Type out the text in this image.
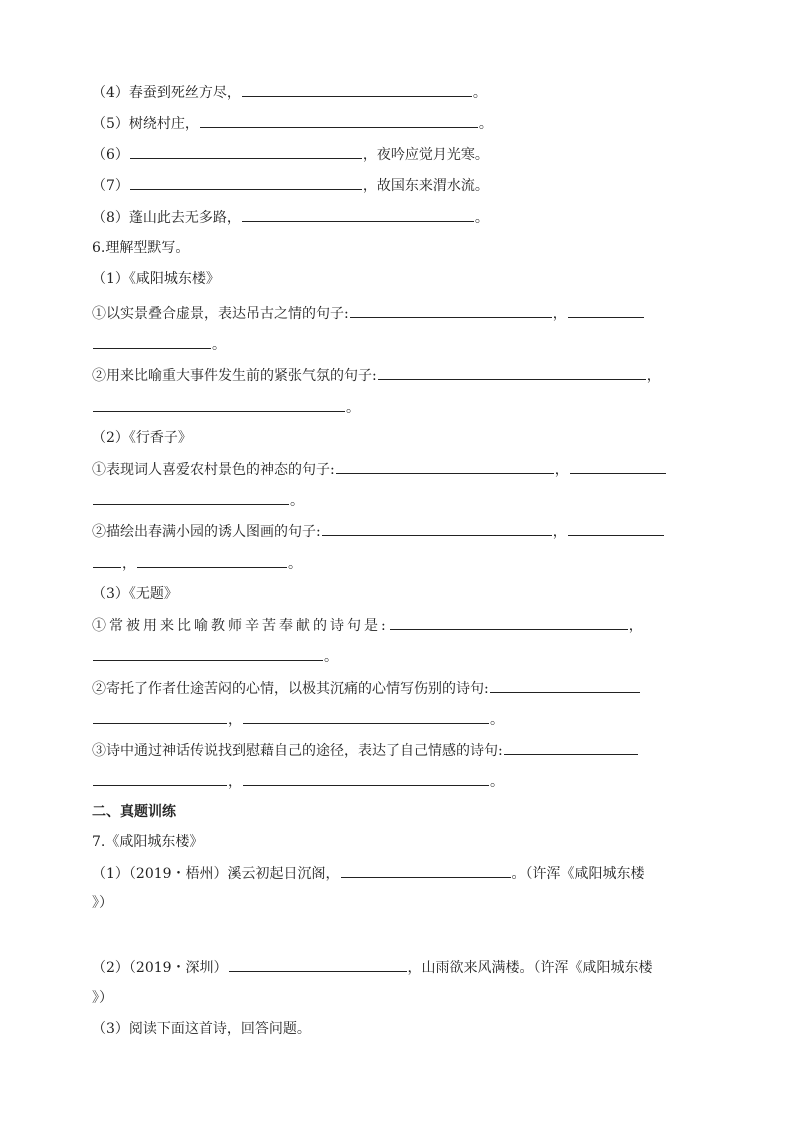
（4）春蚕到死丝方尽，	。
（5）树绕村庄，	。
（6）	，夜吟应觉月光寒。
（7）	，故国东来渭水流。
（8）蓬山此去无多路，	。
6.理解型默写。
（1）《咸阳城东楼》
①以实景叠合虚景，表达吊古之情的句子:	，
。
②用来比喻重大事件发生前的紧张气氛的句子:	，
。
（2）《行香子》
①表现词人喜爱农村景色的神态的句子:	，
。
②描绘出春满小园的诱人图画的句子:	，
，	。
（3）《无题》
①常被用来比喻教师辛苦奉献的诗句是:	，
。
②寄托了作者仕途苦闷的心情，以极其沉痛的心情写伤别的诗句:
，	。
③诗中通过神话传说找到慰藉自己的途径，表达了自己情感的诗句:
，	。
二、真题训练
7.《咸阳城东楼》
（1）（2019・梧州）溪云初起日沉阁，	。（许浑《咸阳城东楼
》）
（2）（2019・深圳）	，山雨欲来风满楼。（许浑《咸阳城东楼
》）
（3）阅读下面这首诗，回答问题。
